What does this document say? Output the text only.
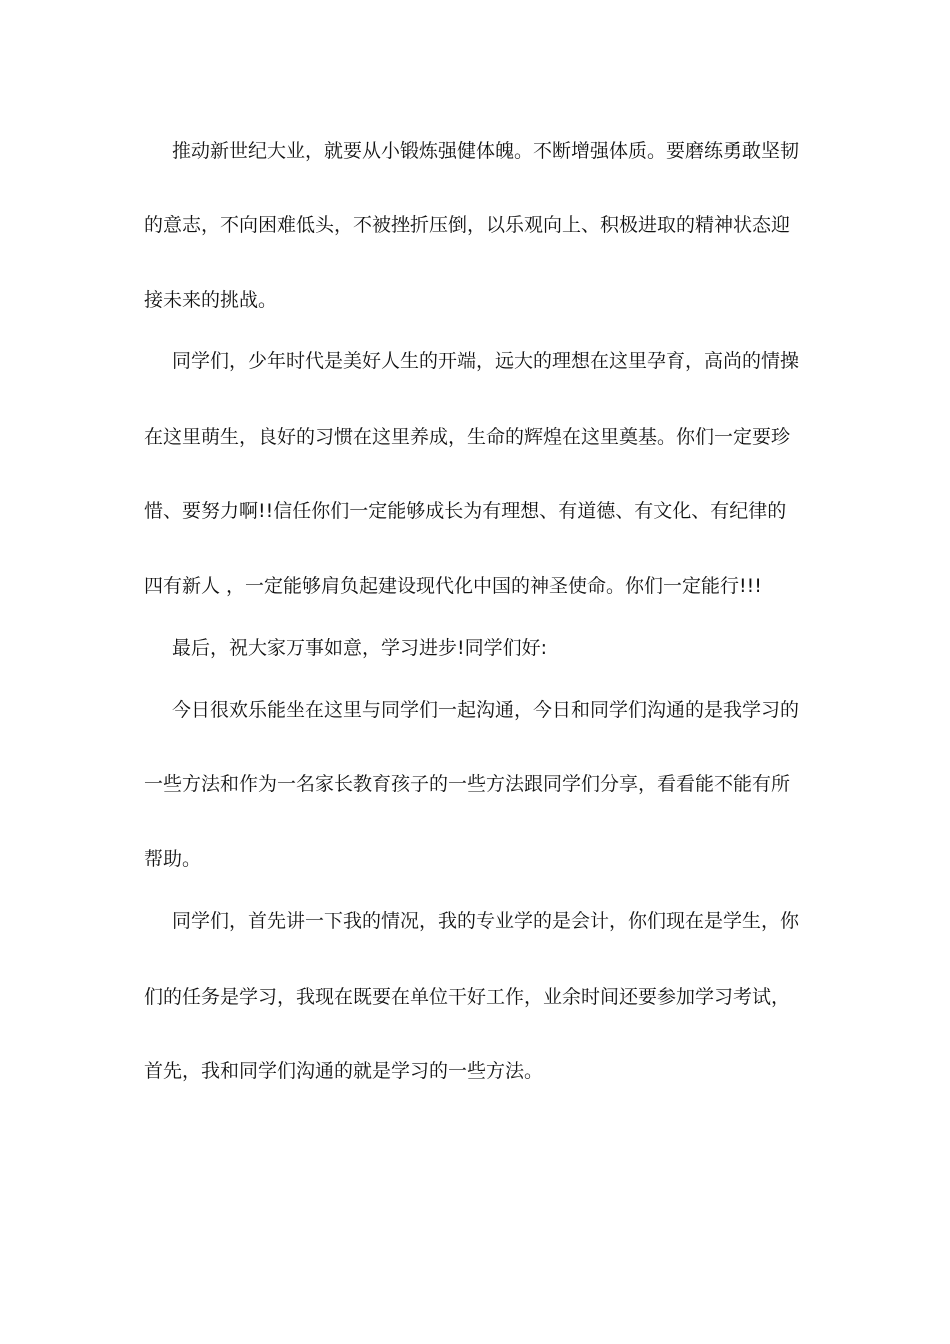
推动新世纪大业，就要从小锻炼强健体魄。不断增强体质。要磨练勇敢坚韧
的意志，不向困难低头，不被挫折压倒，以乐观向上、积极进取的精神状态迎
接未来的挑战。
同学们，少年时代是美好人生的开端，远大的理想在这里孕育，高尚的情操
在这里萌生，良好的习惯在这里养成，生命的辉煌在这里奠基。你们一定要珍
惜、要努力啊!!信任你们一定能够成长为有理想、有道德、有文化、有纪律的
四有新人 ，一定能够肩负起建设现代化中国的神圣使命。你们一定能行!!!
最后，祝大家万事如意，学习进步!同学们好:
今日很欢乐能坐在这里与同学们一起沟通，今日和同学们沟通的是我学习的
一些方法和作为一名家长教育孩子的一些方法跟同学们分享，看看能不能有所
帮助。
同学们，首先讲一下我的情况，我的专业学的是会计，你们现在是学生，你
们的任务是学习，我现在既要在单位干好工作，业余时间还要参加学习考试，
首先，我和同学们沟通的就是学习的一些方法。
